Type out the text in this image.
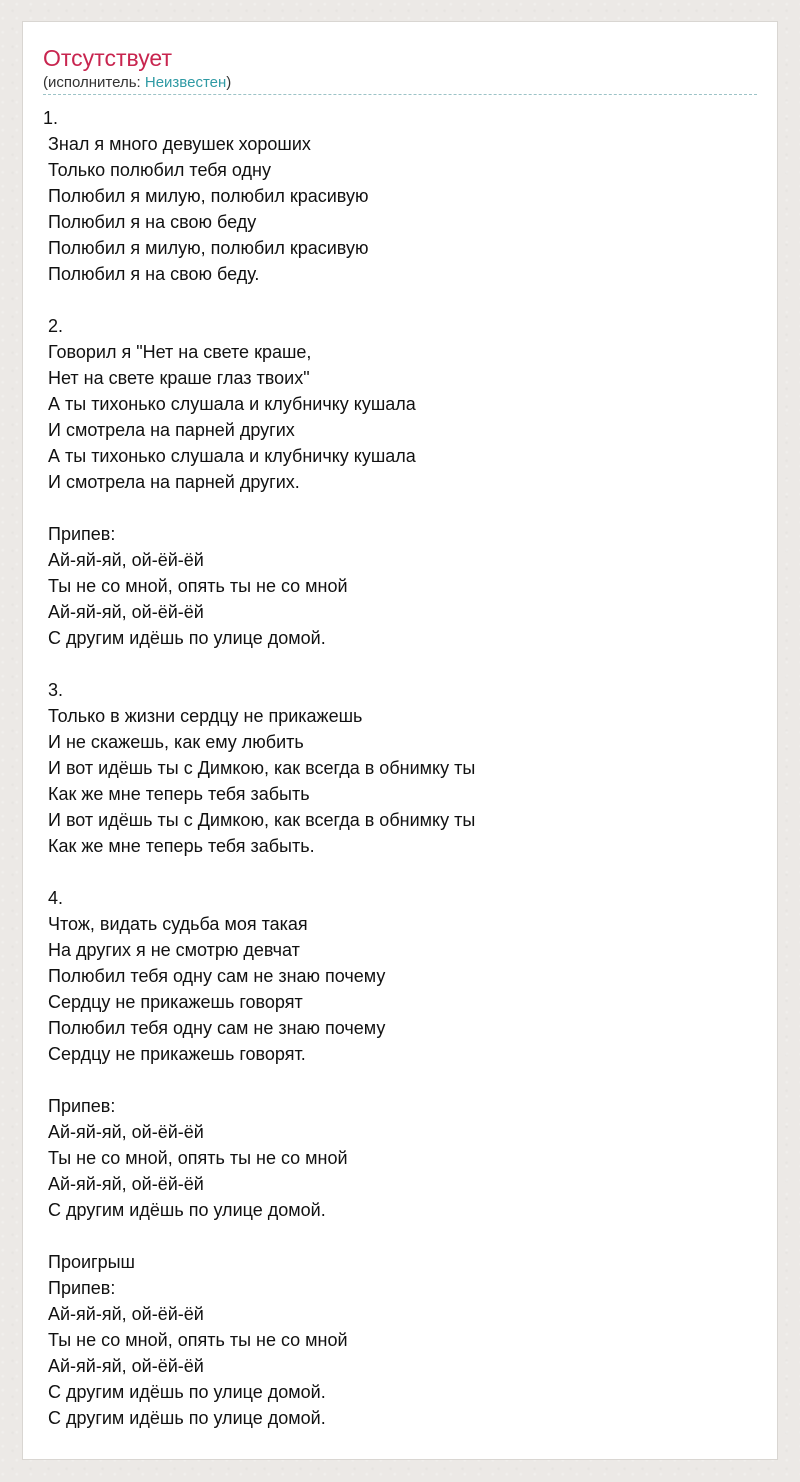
Отсутствует
(исполнитель: Неизвестен)
1.
Знал я много девушек хороших
Только полюбил тебя одну
Полюбил я милую, полюбил красивую
Полюбил я на свою беду
Полюбил я милую, полюбил красивую
Полюбил я на свою беду.

2.
Говорил я "Нет на свете краше,
Нет на свете краше глаз твоих"
А ты тихонько слушала и клубничку кушала
И смотрела на парней других
А ты тихонько слушала и клубничку кушала
И смотрела на парней других.

Припев:
Ай-яй-яй, ой-ёй-ёй
Ты не со мной, опять ты не со мной
Ай-яй-яй, ой-ёй-ёй
С другим идёшь по улице домой.

3.
Только в жизни сердцу не прикажешь
И не скажешь, как ему любить
И вот идёшь ты с Димкою, как всегда в обнимку ты
Как же мне теперь тебя забыть
И вот идёшь ты с Димкою, как всегда в обнимку ты
Как же мне теперь тебя забыть.

4.
Чтож, видать судьба моя такая
На других я не смотрю девчат
Полюбил тебя одну сам не знаю почему
Сердцу не прикажешь говорят
Полюбил тебя одну сам не знаю почему
Сердцу не прикажешь говорят.

Припев:
Ай-яй-яй, ой-ёй-ёй
Ты не со мной, опять ты не со мной
Ай-яй-яй, ой-ёй-ёй
С другим идёшь по улице домой.

Проигрыш
Припев:
Ай-яй-яй, ой-ёй-ёй
Ты не со мной, опять ты не со мной
Ай-яй-яй, ой-ёй-ёй
С другим идёшь по улице домой.
С другим идёшь по улице домой.
